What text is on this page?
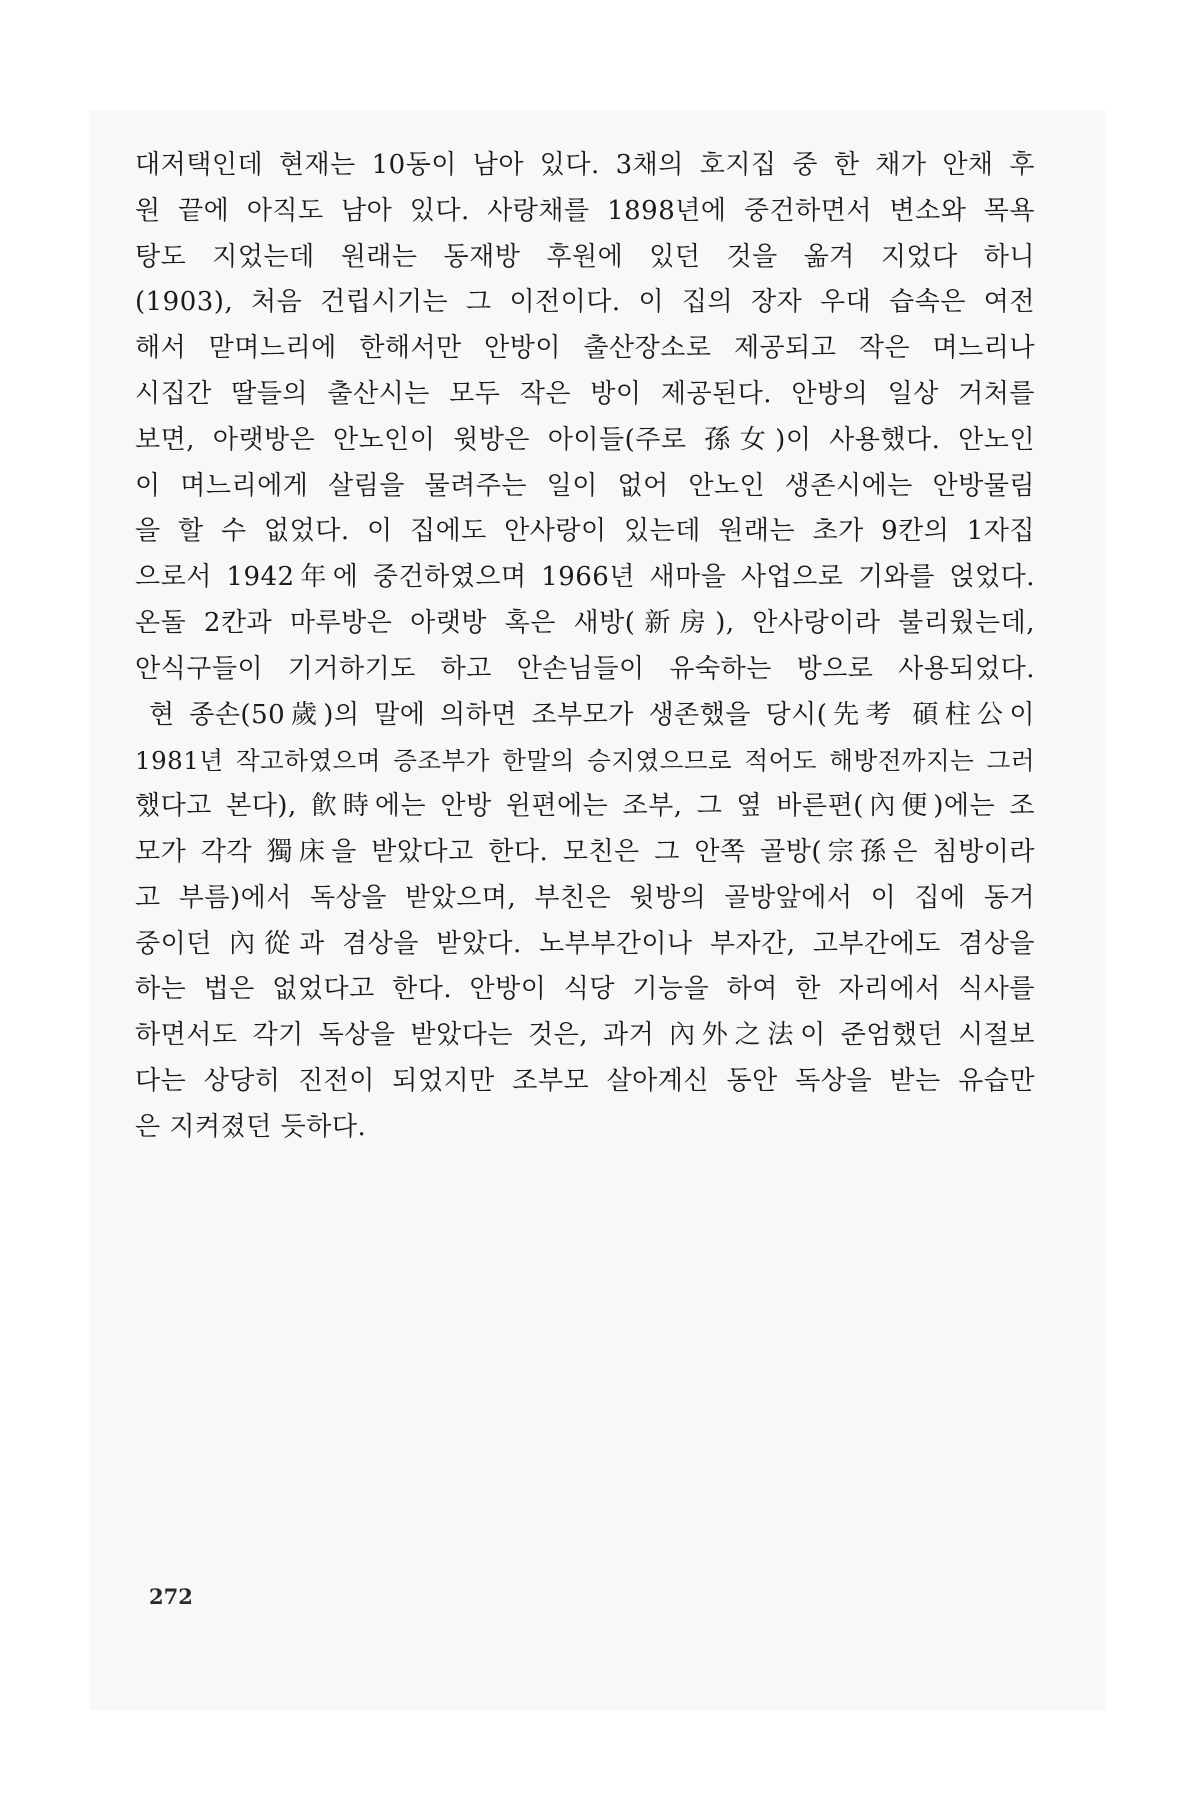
대저택인데 현재는 10동이 남아 있다. 3채의 호지집 중 한 채가 안채 후
원 끝에 아직도 남아 있다. 사랑채를 1898년에 중건하면서 변소와 목욕
탕도 지었는데 원래는 동재방 후원에 있던 것을 옮겨 지었다 하니
(1903), 처음 건립시기는 그 이전이다. 이 집의 장자 우대 습속은 여전
해서 맏며느리에 한해서만 안방이 출산장소로 제공되고 작은 며느리나
시집간 딸들의 출산시는 모두 작은 방이 제공된다. 안방의 일상 거처를
보면, 아랫방은 안노인이 윗방은 아이들(주로 孫女)이 사용했다. 안노인
이 며느리에게 살림을 물려주는 일이 없어 안노인 생존시에는 안방물림
을 할 수 없었다. 이 집에도 안사랑이 있는데 원래는 초가 9칸의 1자집
으로서 1942年에 중건하였으며 1966년 새마을 사업으로 기와를 얹었다.
온돌 2칸과 마루방은 아랫방 혹은 새방(新房), 안사랑이라 불리웠는데,
안식구들이 기거하기도 하고 안손님들이 유숙하는 방으로 사용되었다.
현 종손(50歲)의 말에 의하면 조부모가 생존했을 당시(先考 碩柱公이
1981년 작고하였으며 증조부가 한말의 승지였으므로 적어도 해방전까지는 그러
했다고 본다), 飮時에는 안방 윈편에는 조부, 그 옆 바른편(內便)에는 조
모가 각각 獨床을 받았다고 한다. 모친은 그 안쪽 골방(宗孫은 침방이라
고 부름)에서 독상을 받았으며, 부친은 윗방의 골방앞에서 이 집에 동거
중이던 內從과 겸상을 받았다. 노부부간이나 부자간, 고부간에도 겸상을
하는 법은 없었다고 한다. 안방이 식당 기능을 하여 한 자리에서 식사를
하면서도 각기 독상을 받았다는 것은, 과거 內外之法이 준엄했던 시절보
다는 상당히 진전이 되었지만 조부모 살아계신 동안 독상을 받는 유습만
은 지켜졌던 듯하다.
272
